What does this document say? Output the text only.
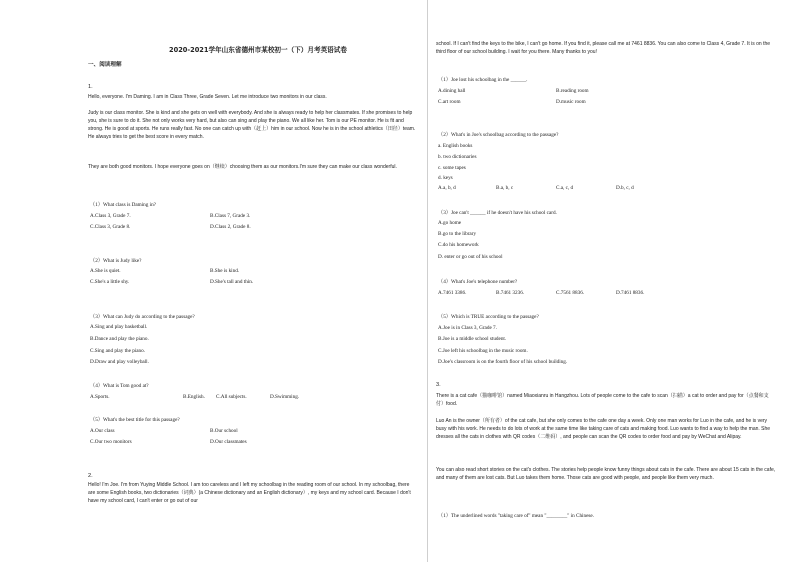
2020-2021学年山东省德州市某校初一（下）月考英语试卷
一、阅读理解
1.

Hello, everyone. I'm Daming. I am in Class Three, Grade Seven. Let me introduce two monitors in our class.

Judy is our class monitor. She is kind and she gets on well with everybody. And she is always ready to help her classmates. If she promises to help you, she is sure to do it. She not only works very hard, but also can sing and play the piano. We all like her. Tom is our PE monitor. He is fit and strong. He is good at sports. He runs really fast. No one can catch up with（赶上）him in our school. Now he is in the school athletics（田径）team. He always tries to get the best score in every match.

They are both good monitors. I hope everyone goes on（继续）choosing them as our monitors.I'm sure they can make our class wonderful.

（1）What class is Daming in?
A.Class 3, Grade 7.	B.Class 7, Grade 3.
C.Class 3, Grade 8.	D.Class 2, Grade 8.
（2）What is Judy like?
A.She is quiet.	B.She is kind.
C.She's a little shy.	D.She's tall and thin.
（3）What can Judy do according to the passage?
A.Sing and play basketball.
B.Dance and play the piano.
C.Sing and play the piano.
D.Draw and play volleyball.
（4）What is Tom good at?
A.Sports.	B.English. C.All subjects.	D.Swimming.
（5）What's the best title for this passage?
A.Our class	B.Our school
C.Our two monitors	D.Our classmates
2.

Hello! I'm Joe. I'm from Yuying Middle School. I am too careless and I left my schoolbag in the reading room of our school. In my schoolbag, there are some English books, two dictionaries（词典）(a Chinese dictionary and an English dictionary）, my keys and my school card. Because I don't have my school card, I can't enter or go out of our

school. If I can't find the keys to the bike, I can't go home. If you find it, please call me at 7461 8836. You can also come to Class 4, Grade 7. It is on the third floor of our school building. I wait for you there. Many thanks to you!

（1）Joe lost his schoolbag in the ______.
A.dining hall	B.reading room
C.art room	D.music room
（2）What's in Joe's schoolbag according to the passage?
a. English books
b. two dictionaries
c. some tapes
d. keys
A.a, b, d	B.a, b, c	C.a, c, d	D.b, c, d
（3）Joe can't ______ if he doesn't have his school card.
A.go home
B.go to the library
C.do his homework
D. enter or go out of his school
（4）What's Joe's telephone number?
A.7461 3386.	B.7461 3236.	C.7561 8836.	D.7461 8836.
（5）Which is TRUE according to the passage?
A.Joe is in Class 3, Grade 7.
B.Joe is a middle school student.
C.Joe left his schoolbag in the music room.
D.Joe's classroom is on the fourth floor of his school building.
3.

There is a cat cafe（猫咖啡馆）named Miaoxianru in Hangzhou. Lots of people come to the cafe to scan（扫描）a cat to order and pay for（点餐和支付）food.

Luo An is the owner（所有者）of the cat cafe, but she only comes to the cafe one day a week. Only one man works for Luo in the cafe, and he is very busy with his work. He needs to do lots of work at the same time like taking care of cats and making food. Luo wants to find a way to help the man. She dresses all the cats in clothes with QR codes（二维码）, and people can scan the QR codes to order food and pay by WeChat and Alipay.

You can also read short stories on the cat's clothes. The stories help people know funny things about cats in the cafe. There are about 15 cats in the cafe, and many of them are lost cats. But Luo takes them home. Those cats are good with people, and people like them very much.

（1）The underlined words "taking care of" mean "________" in Chinese.
